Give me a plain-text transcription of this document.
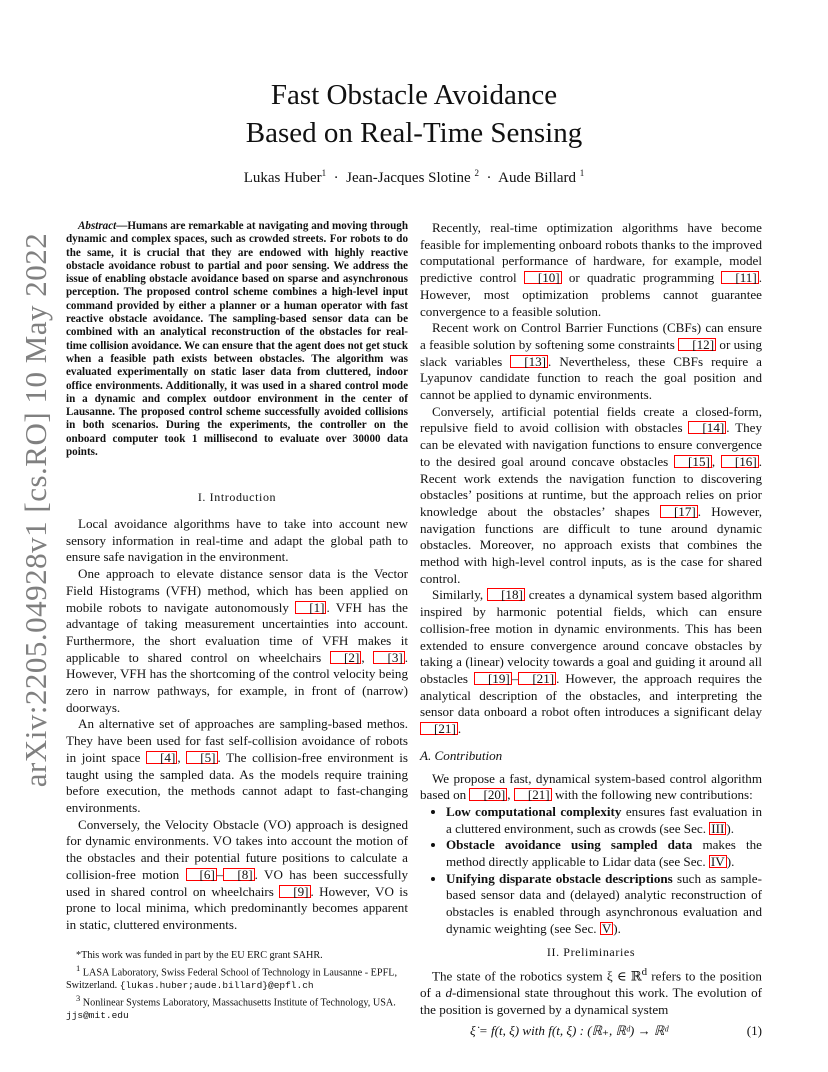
Fast Obstacle Avoidance
Based on Real-Time Sensing
Lukas Huber$^1$  ·  Jean-Jacques Slotine $^2$  ·  Aude Billard $^1$
arXiv:2205.04928v1 [cs.RO] 10 May 2022

Abstract—Humans are remarkable at navigating and moving through dynamic and complex spaces, such as crowded streets. For robots to do the same, it is crucial that they are endowed with highly reactive obstacle avoidance robust to partial and poor sensing. We address the issue of enabling obstacle avoidance based on sparse and asynchronous perception. The proposed control scheme combines a high-level input command provided by either a planner or a human operator with fast reactive obstacle avoidance. The sampling-based sensor data can be combined with an analytical reconstruction of the obstacles for real-time collision avoidance. We can ensure that the agent does not get stuck when a feasible path exists between obstacles. The algorithm was evaluated experimentally on static laser data from cluttered, indoor office environments. Additionally, it was used in a shared control mode in a dynamic and complex outdoor environment in the center of Lausanne. The proposed control scheme successfully avoided collisions in both scenarios. During the experiments, the controller on the onboard computer took 1 millisecond to evaluate over 30000 data points.

I. Introduction

Local avoidance algorithms have to take into account new sensory information in real-time and adapt the global path to ensure safe navigation in the environment.

One approach to elevate distance sensor data is the Vector Field Histograms (VFH) method, which has been applied on mobile robots to navigate autonomously [1] . VFH has the advantage of taking measurement uncertainties into account. Furthermore, the short evaluation time of VFH makes it applicable to shared control on wheelchairs [2] , [3] . However, VFH has the shortcoming of the control velocity being zero in narrow pathways, for example, in front of (narrow) doorways.

An alternative set of approaches are sampling-based methos. They have been used for fast self-collision avoidance of robots in joint space [4] , [5] . The collision-free environment is taught using the sampled data. As the models require training before execution, the methods cannot adapt to fast-changing environments.

Conversely, the Velocity Obstacle (VO) approach is designed for dynamic environments. VO takes into account the motion of the obstacles and their potential future positions to calculate a collision-free motion [6] – [8] . VO has been successfully used in shared control on wheelchairs [9] . However, VO is prone to local minima, which predominantly becomes apparent in static, cluttered environments.

*This work was funded in part by the EU ERC grant SAHR.
$^1$ LASA Laboratory, Swiss Federal School of Technology in Lausanne - EPFL, Switzerland. {lukas.huber;aude.billard}@epfl.ch
$^3$ Nonlinear Systems Laboratory, Massachusetts Institute of Technology, USA. jjs@mit.edu

Recently, real-time optimization algorithms have become feasible for implementing onboard robots thanks to the improved computational performance of hardware, for example, model predictive control [10] or quadratic programming [11] . However, most optimization problems cannot guarantee convergence to a feasible solution.

Recent work on Control Barrier Functions (CBFs) can ensure a feasible solution by softening some constraints [12] or using slack variables [13] . Nevertheless, these CBFs require a Lyapunov candidate function to reach the goal position and cannot be applied to dynamic environments.

Conversely, artificial potential fields create a closed-form, repulsive field to avoid collision with obstacles [14] . They can be elevated with navigation functions to ensure convergence to the desired goal around concave obstacles [15] , [16] . Recent work extends the navigation function to discovering obstacles’ positions at runtime, but the approach relies on prior knowledge about the obstacles’ shapes [17] . However, navigation functions are difficult to tune around dynamic obstacles. Moreover, no approach exists that combines the method with high-level control inputs, as is the case for shared control.

Similarly, [18] creates a dynamical system based algorithm inspired by harmonic potential fields, which can ensure collision-free motion in dynamic environments. This has been extended to ensure convergence around concave obstacles by taking a (linear) velocity towards a goal and guiding it around all obstacles [19] – [21] . However, the approach requires the analytical description of the obstacles, and interpreting the sensor data onboard a robot often introduces a significant delay [21] .

A. Contribution

We propose a fast, dynamical system-based control algorithm based on [20] , [21] with the following new contributions:

• Low computational complexity ensures fast evaluation in a cluttered environment, such as crowds (see Sec. III ).
• Obstacle avoidance using sampled data makes the method directly applicable to Lidar data (see Sec. IV ).
• Unifying disparate obstacle descriptions such as sample-based sensor data and (delayed) analytic reconstruction of obstacles is enabled through asynchronous evaluation and dynamic weighting (see Sec. V ).
II. Preliminaries

The state of the robotics system ξ ∈ ℝ$^d$ refers to the position of a d-dimensional state throughout this work. The evolution of the position is governed by a dynamical system

ξ̇ = f(t, ξ) with f(t, ξ) : (ℝ₊, ℝᵈ) → ℝᵈ	(1)
